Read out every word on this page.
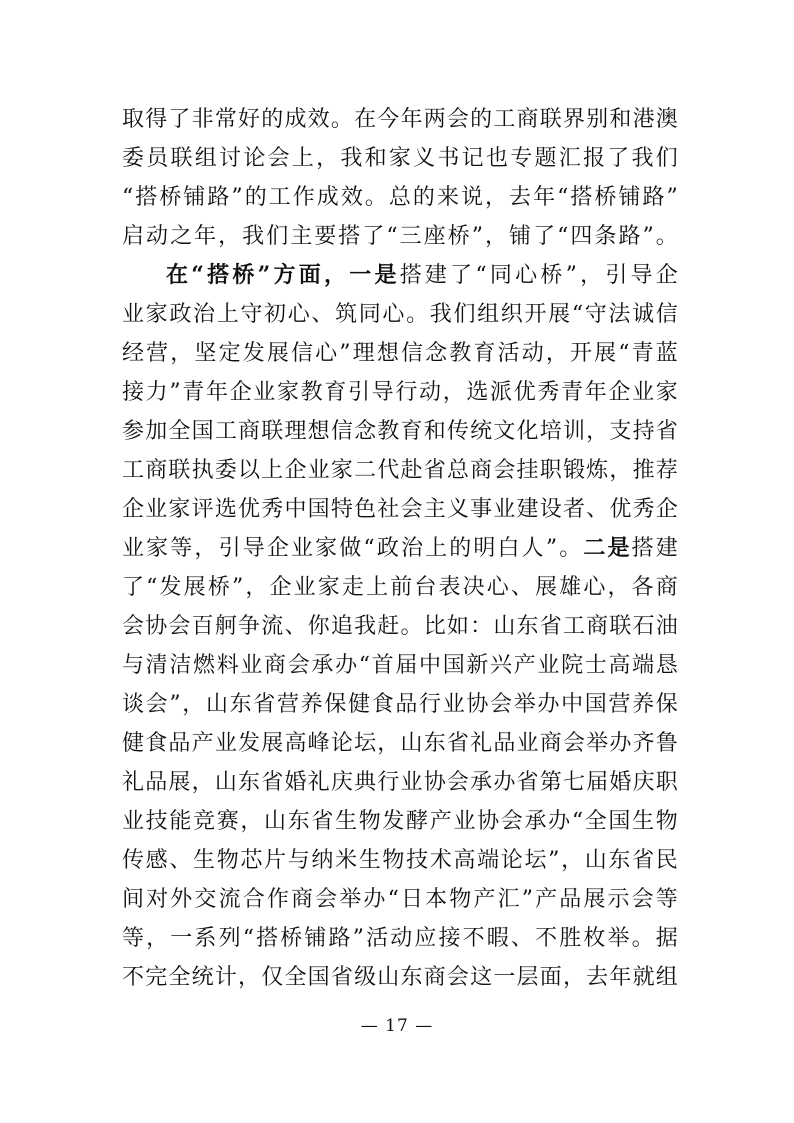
取得了非常好的成效。在今年两会的工商联界别和港澳
委员联组讨论会上，我和家义书记也专题汇报了我们
“搭桥铺路”的工作成效。总的来说，去年“搭桥铺路”
启动之年，我们主要搭了“三座桥”，铺了“四条路”。
在“搭桥”方面，一是搭建了“同心桥”，引导企
业家政治上守初心、筑同心。我们组织开展“守法诚信
经营，坚定发展信心”理想信念教育活动，开展“青蓝
接力”青年企业家教育引导行动，选派优秀青年企业家
参加全国工商联理想信念教育和传统文化培训，支持省
工商联执委以上企业家二代赴省总商会挂职锻炼，推荐
企业家评选优秀中国特色社会主义事业建设者、优秀企
业家等，引导企业家做“政治上的明白人”。二是搭建
了“发展桥”，企业家走上前台表决心、展雄心，各商
会协会百舸争流、你追我赶。比如：山东省工商联石油
与清洁燃料业商会承办“首届中国新兴产业院士高端恳
谈会”，山东省营养保健食品行业协会举办中国营养保
健食品产业发展高峰论坛，山东省礼品业商会举办齐鲁
礼品展，山东省婚礼庆典行业协会承办省第七届婚庆职
业技能竞赛，山东省生物发酵产业协会承办“全国生物
传感、生物芯片与纳米生物技术高端论坛”，山东省民
间对外交流合作商会举办“日本物产汇”产品展示会等
等，一系列“搭桥铺路”活动应接不暇、不胜枚举。据
不完全统计，仅全国省级山东商会这一层面，去年就组
— 17 —
